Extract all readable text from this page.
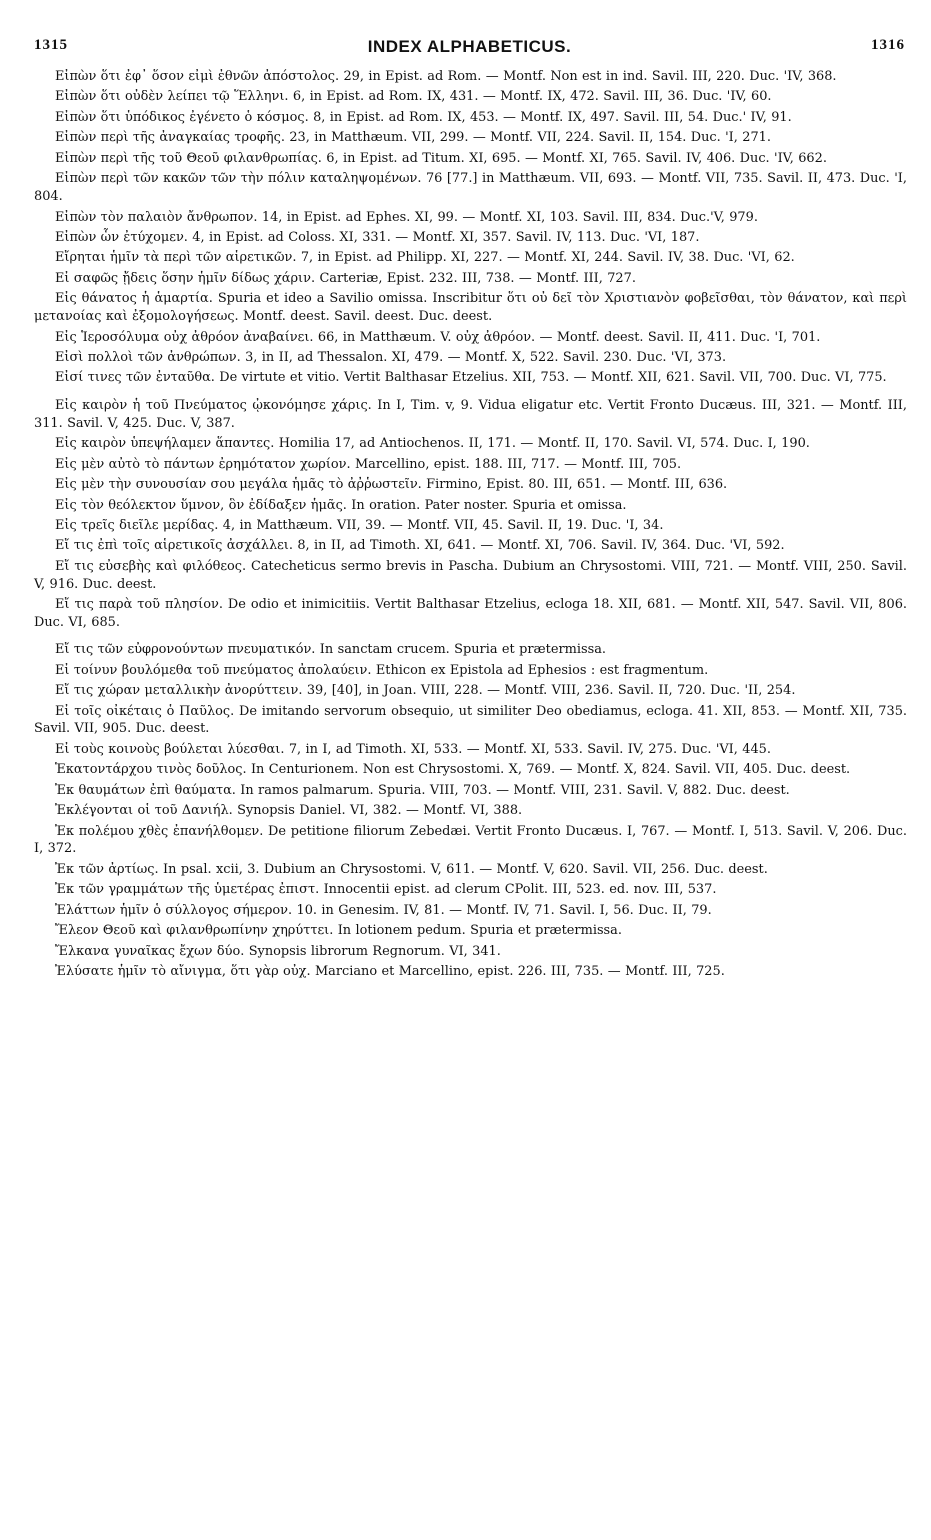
1315	INDEX ALPHABETICUS.	1316

Εἰπὼν ὅτι ἐφ᾽ ὅσον εἰμὶ ἐθνῶν ἀπόστολος. 29, in Epist. ad Rom. — Montf. Non est in ind. Savil. III, 220. Duc. 'IV, 368.

Εἰπὼν ὅτι οὐδὲν λείπει τῷ Ἕλληνι. 6, in Epist. ad Rom. IX, 431. — Montf. IX, 472. Savil. III, 36. Duc. 'IV, 60.

Εἰπὼν ὅτι ὑπόδικος ἐγένετο ὁ κόσμος. 8, in Epist. ad Rom. IX, 453. — Montf. IX, 497. Savil. III, 54. Duc.' IV, 91.

Εἰπὼν περὶ τῆς ἀναγκαίας τροφῆς. 23, in Matthæum. VII, 299. — Montf. VII, 224. Savil. II, 154. Duc. 'I, 271.

Εἰπὼν περὶ τῆς τοῦ Θεοῦ φιλανθρωπίας. 6, in Epist. ad Titum. XI, 695. — Montf. XI, 765. Savil. IV, 406. Duc. 'IV, 662.

Εἰπὼν περὶ τῶν κακῶν τῶν τὴν πόλιν καταληψομένων. 76 [77.] in Matthæum. VII, 693. — Montf. VII, 735. Savil. II, 473. Duc. 'I, 804.

Εἰπὼν τὸν παλαιὸν ἄνθρωπον. 14, in Epist. ad Ephes. XI, 99. — Montf. XI, 103. Savil. III, 834. Duc.'V, 979.

Εἰπὼν ὧν ἐτύχομεν. 4, in Epist. ad Coloss. XI, 331. — Montf. XI, 357. Savil. IV, 113. Duc. 'VI, 187.

Εἴρηται ἡμῖν τὰ περὶ τῶν αἱρετικῶν. 7, in Epist. ad Philipp. XI, 227. — Montf. XI, 244. Savil. IV, 38. Duc. 'VI, 62.

Εἰ σαφῶς ᾔδεις ὅσην ἡμῖν δίδως χάριν. Carteriæ, Epist. 232. III, 738. — Montf. III, 727.

Εἰς θάνατος ἡ ἁμαρτία. Spuria et ideo a Savilio omissa. Inscribitur ὅτι οὐ δεῖ τὸν Χριστιανὸν φοβεῖσθαι, τὸν θάνατον, καὶ περὶ μετανοίας καὶ ἐξομολογήσεως. Montf. deest. Savil. deest. Duc. deest.

Εἰς Ἱεροσόλυμα οὐχ ἀθρόον ἀναβαίνει. 66, in Matthæum. V. οὐχ ἀθρόον. — Montf. deest. Savil. II, 411. Duc. 'I, 701.

Εἰσὶ πολλοὶ τῶν ἀνθρώπων. 3, in II, ad Thessalon. XI, 479. — Montf. X, 522. Savil. 230. Duc. 'VI, 373.

Εἰσί τινες τῶν ἐνταῦθα. De virtute et vitio. Vertit Balthasar Etzelius. XII, 753. — Montf. XII, 621. Savil. VII, 700. Duc. VI, 775.

Εἰς καιρὸν ἡ τοῦ Πνεύματος ᾠκονόμησε χάρις. In I, Tim. v, 9. Vidua eligatur etc. Vertit Fronto Ducæus. III, 321. — Montf. III, 311. Savil. V, 425. Duc. V, 387.

Εἰς καιρὸν ὑπεψήλαμεν ἅπαντες. Homilia 17, ad Antiochenos. II, 171. — Montf. II, 170. Savil. VI, 574. Duc. I, 190.

Εἰς μὲν αὐτὸ τὸ πάντων ἐρημότατον χωρίον. Marcellino, epist. 188. III, 717. — Montf. III, 705.

Εἰς μὲν τὴν συνουσίαν σου μεγάλα ἡμᾶς τὸ ἀῤῥωστεῖν. Firmino, Epist. 80. III, 651. — Montf. III, 636.

Εἰς τὸν θεόλεκτον ὕμνον, ὃν ἐδίδαξεν ἡμᾶς. In oration. Pater noster. Spuria et omissa.

Εἰς τρεῖς διεῖλε μερίδας. 4, in Matthæum. VII, 39. — Montf. VII, 45. Savil. II, 19. Duc. 'I, 34.

Εἴ τις ἐπὶ τοῖς αἱρετικοῖς ἀσχάλλει. 8, in II, ad Timoth. XI, 641. — Montf. XI, 706. Savil. IV, 364. Duc. 'VI, 592.

Εἴ τις εὐσεβὴς καὶ φιλόθεος. Catecheticus sermo brevis in Pascha. Dubium an Chrysostomi. VIII, 721. — Montf. VIII, 250. Savil. V, 916. Duc. deest.

Εἴ τις παρὰ τοῦ πλησίον. De odio et inimicitiis. Vertit Balthasar Etzelius, ecloga 18. XII, 681. — Montf. XII, 547. Savil. VII, 806. Duc. VI, 685.

Εἴ τις τῶν εὐφρονούντων πνευματικόν. In sanctam crucem. Spuria et prætermissa.

Εἰ τοίνυν βουλόμεθα τοῦ πνεύματος ἀπολαύειν. Ethicon ex Epistola ad Ephesios : est fragmentum.

Εἴ τις χώραν μεταλλικὴν ἀνορύττειν. 39, [40], in Joan. VIII, 228. — Montf. VIII, 236. Savil. II, 720. Duc. 'II, 254.

Εἰ τοῖς οἰκέταις ὁ Παῦλος. De imitando servorum obsequio, ut similiter Deo obediamus, ecloga. 41. XII, 853. — Montf. XII, 735. Savil. VII, 905. Duc. deest.

Εἰ τοὺς κοινοὺς βούλεται λύεσθαι. 7, in I, ad Timoth. XI, 533. — Montf. XI, 533. Savil. IV, 275. Duc. 'VI, 445.

Ἑκατοντάρχου τινὸς δοῦλος. In Centurionem. Non est Chrysostomi. X, 769. — Montf. X, 824. Savil. VII, 405. Duc. deest.

Ἐκ θαυμάτων ἐπὶ θαύματα. In ramos palmarum. Spuria. VIII, 703. — Montf. VIII, 231. Savil. V, 882. Duc. deest.

Ἐκλέγονται οἱ τοῦ Δανιήλ. Synopsis Daniel. VI, 382. — Montf. VI, 388.

Ἐκ πολέμου χθὲς ἐπανήλθομεν. De petitione filiorum Zebedæi. Vertit Fronto Ducæus. I, 767. — Montf. I, 513. Savil. V, 206. Duc. I, 372.

Ἐκ τῶν ἀρτίως. In psal. xcii, 3. Dubium an Chrysostomi. V, 611. — Montf. V, 620. Savil. VII, 256. Duc. deest.

Ἐκ τῶν γραμμάτων τῆς ὑμετέρας ἐπιστ. Innocentii epist. ad clerum CPolit. III, 523. ed. nov. III, 537.

Ἐλάττων ἡμῖν ὁ σύλλογος σήμερον. 10. in Genesim. IV, 81. — Montf. IV, 71. Savil. I, 56. Duc. II, 79.

Ἔλεον Θεοῦ καὶ φιλανθρωπίνην χηρύττει. In lotionem pedum. Spuria et prætermissa.

Ἔλκανα γυναῖκας ἔχων δύο. Synopsis librorum Regnorum. VI, 341.

Ἐλύσατε ἡμῖν τὸ αἴνιγμα, ὅτι γὰρ οὐχ. Marciano et Marcellino, epist. 226. III, 735. — Montf. III, 725.
